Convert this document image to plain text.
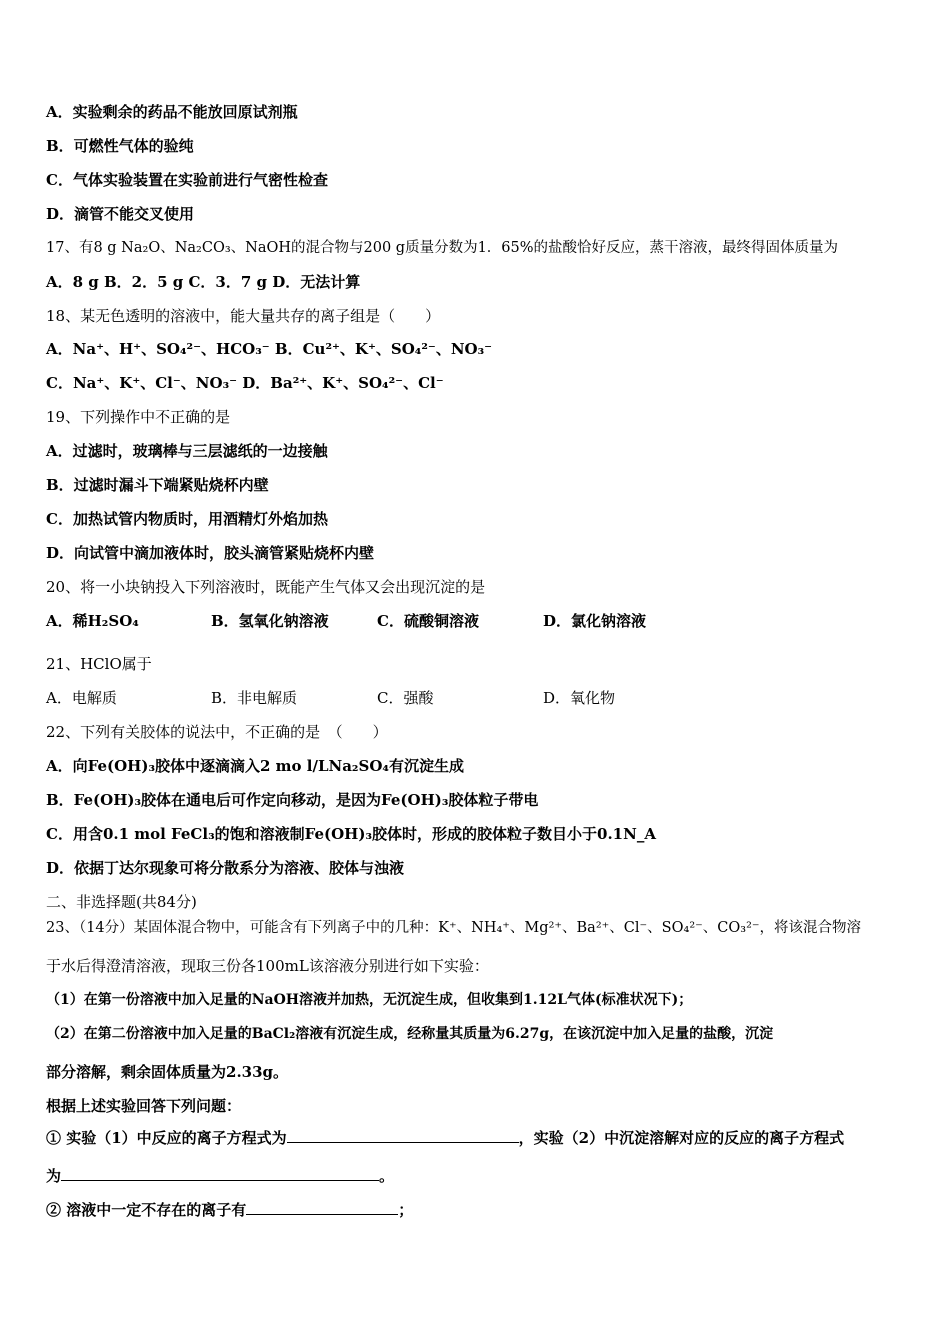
A．实验剩余的药品不能放回原试剂瓶
B．可燃性气体的验纯
C．气体实验装置在实验前进行气密性检查
D．滴管不能交叉使用
17、有8 g Na₂O、Na₂CO₃、NaOH的混合物与200 g质量分数为1．65%的盐酸恰好反应，蒸干溶液，最终得固体质量为
A．8 g B．2．5 g C．3．7 g D．无法计算
18、某无色透明的溶液中，能大量共存的离子组是（　　）
A．Na⁺、H⁺、SO₄²⁻、HCO₃⁻ B．Cu²⁺、K⁺、SO₄²⁻、NO₃⁻
C．Na⁺、K⁺、Cl⁻、NO₃⁻ D．Ba²⁺、K⁺、SO₄²⁻、Cl⁻
19、下列操作中不正确的是
A．过滤时，玻璃棒与三层滤纸的一边接触
B．过滤时漏斗下端紧贴烧杯内壁
C．加热试管内物质时，用酒精灯外焰加热
D．向试管中滴加液体时，胶头滴管紧贴烧杯内壁
20、将一小块钠投入下列溶液时，既能产生气体又会出现沉淀的是
A．稀H₂SO₄	B．氢氧化钠溶液	C．硫酸铜溶液	D．氯化钠溶液
21、HClO属于
A．电解质	B．非电解质	C．强酸	D．氧化物
22、下列有关胶体的说法中，不正确的是　（　　）
A．向Fe(OH)₃胶体中逐滴滴入2 mo l/LNa₂SO₄有沉淀生成
B．Fe(OH)₃胶体在通电后可作定向移动，是因为Fe(OH)₃胶体粒子带电
C．用含0.1 mol FeCl₃的饱和溶液制Fe(OH)₃胶体时，形成的胶体粒子数目小于0.1N_A
D．依据丁达尔现象可将分散系分为溶液、胶体与浊液
二、非选择题(共84分)
23、（14分）某固体混合物中，可能含有下列离子中的几种：K⁺、NH₄⁺、Mg²⁺、Ba²⁺、Cl⁻、SO₄²⁻、CO₃²⁻，将该混合物溶
于水后得澄清溶液，现取三份各100mL该溶液分别进行如下实验：
（1）在第一份溶液中加入足量的NaOH溶液并加热，无沉淀生成，但收集到1.12L气体(标准状况下)；
（2）在第二份溶液中加入足量的BaCl₂溶液有沉淀生成，经称量其质量为6.27g，在该沉淀中加入足量的盐酸，沉淀
部分溶解，剩余固体质量为2.33g。
根据上述实验回答下列问题：
① 实验（1）中反应的离子方程式为	，实验（2）中沉淀溶解对应的反应的离子方程式
为	。
② 溶液中一定不存在的离子有	；
